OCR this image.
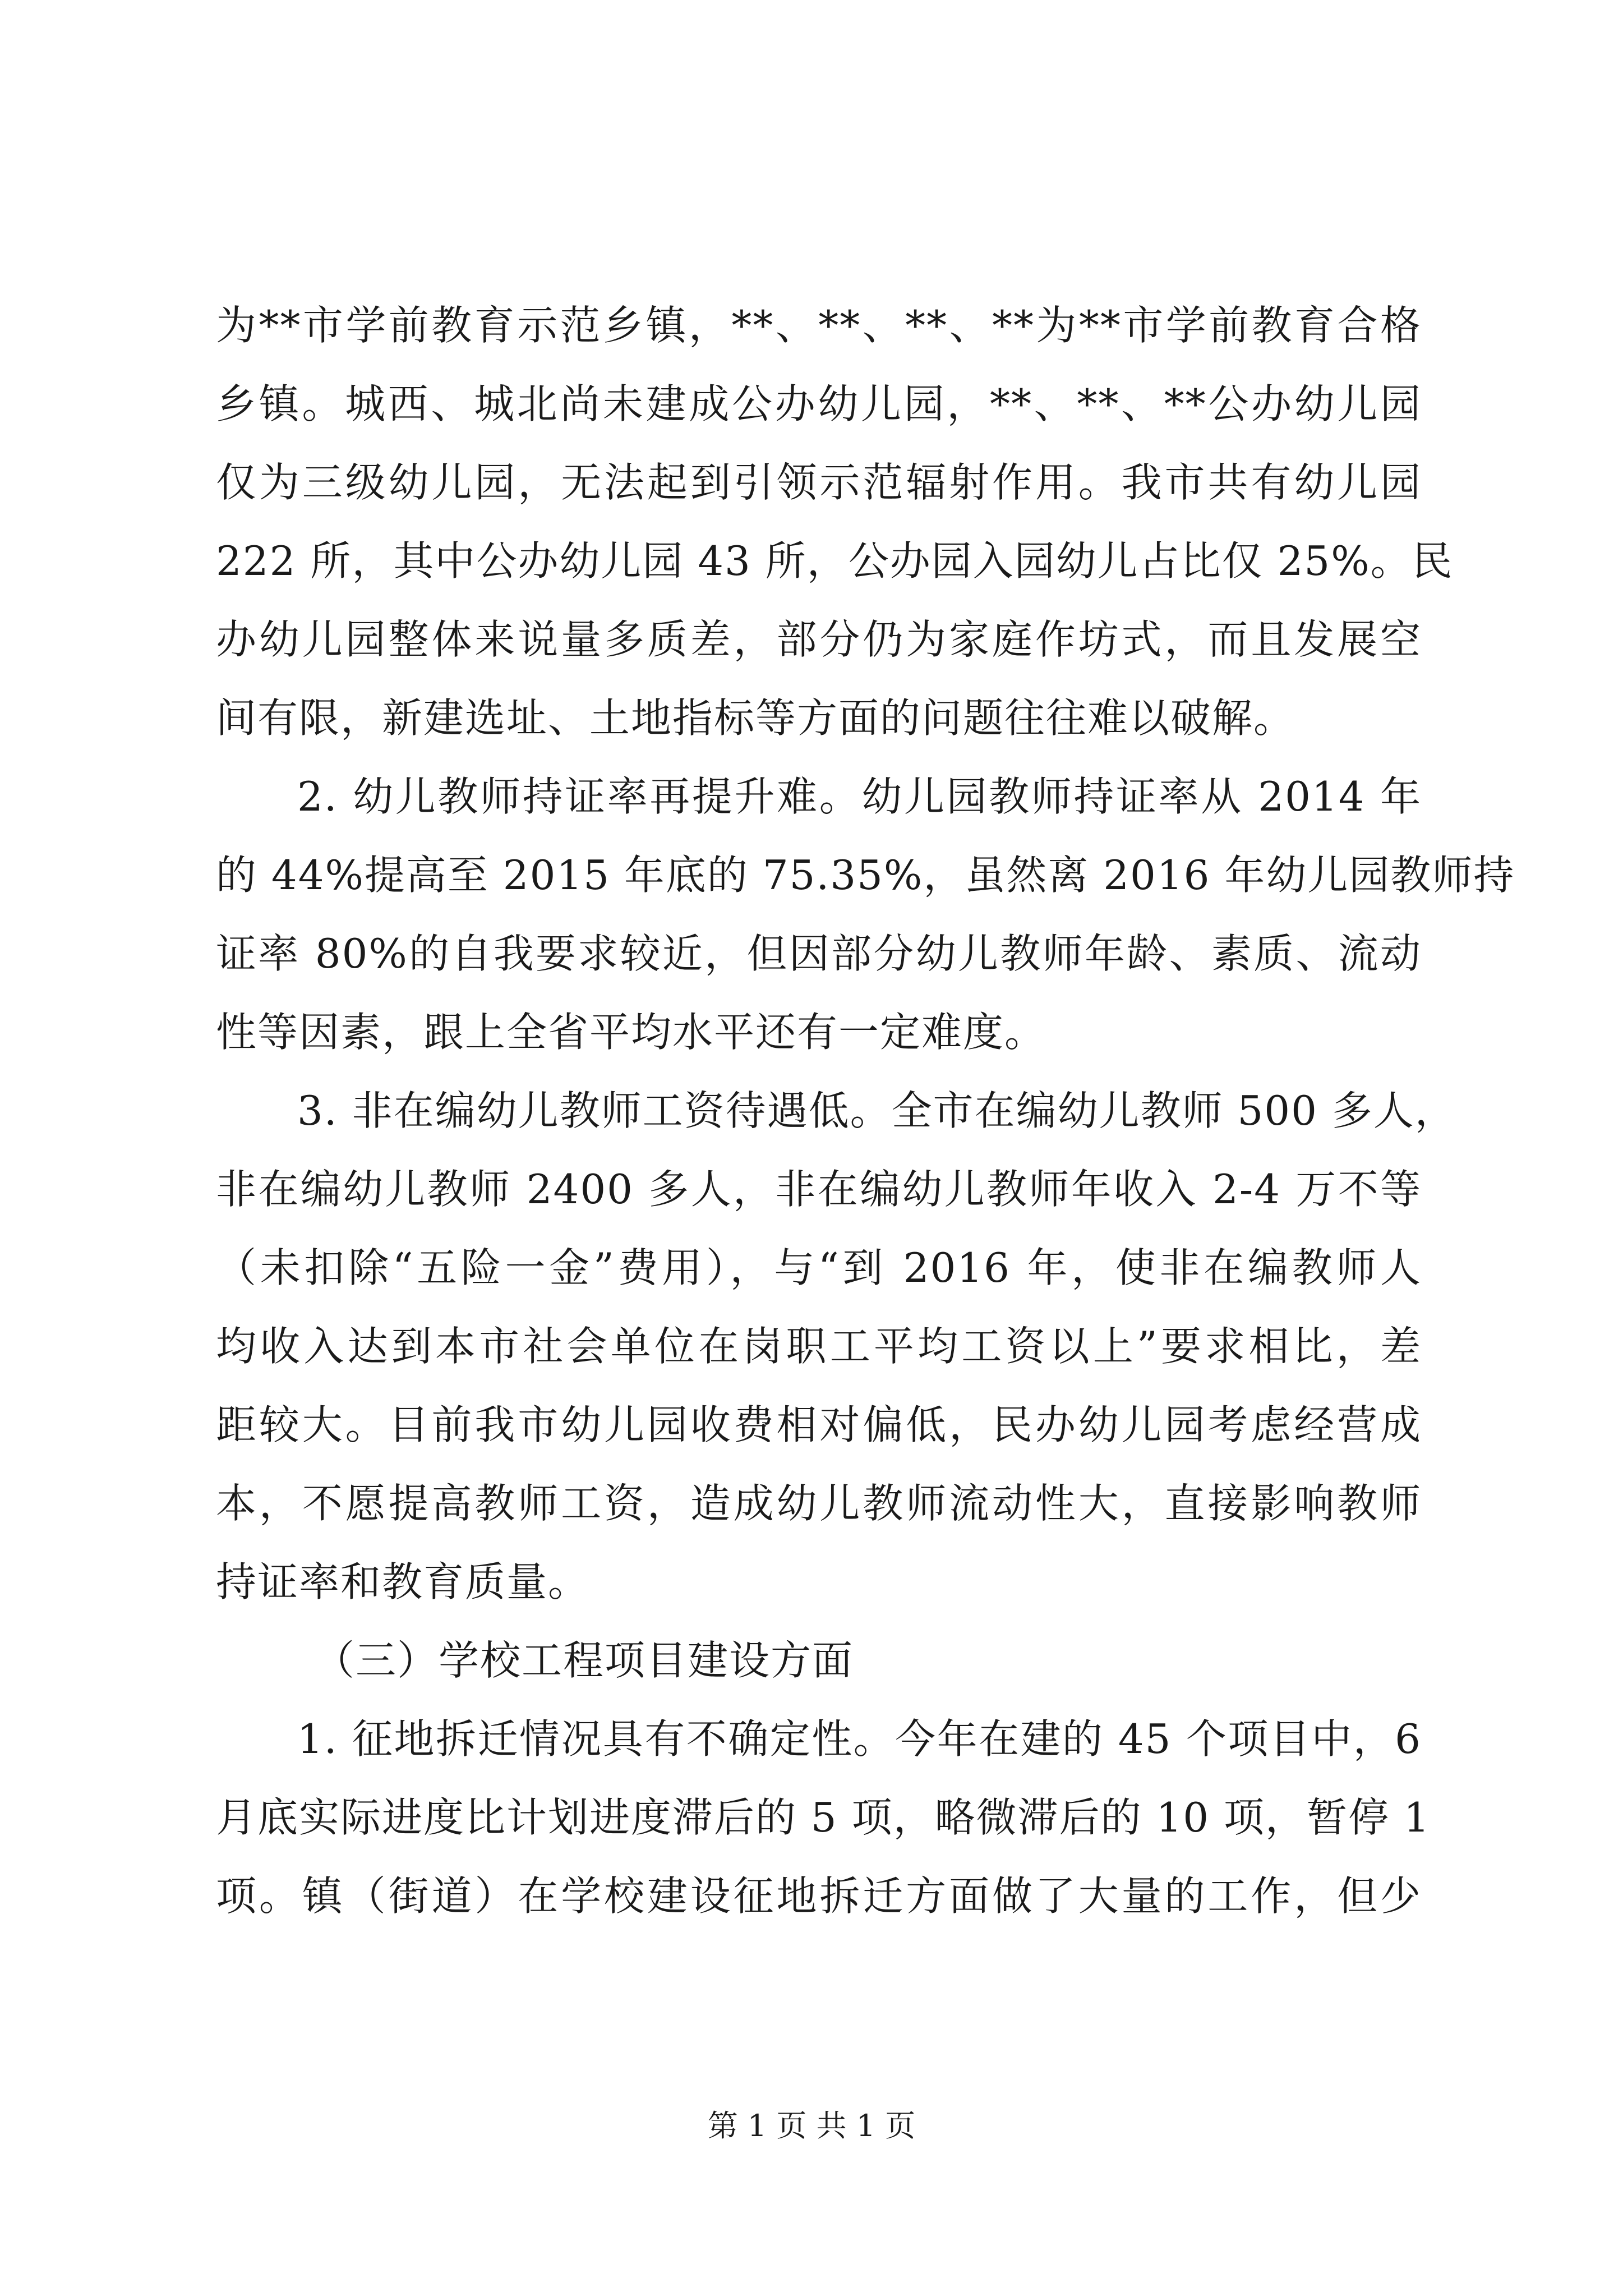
为**市学前教育示范乡镇，**、**、**、**为**市学前教育合格
乡镇。城西、城北尚未建成公办幼儿园，**、**、**公办幼儿园
仅为三级幼儿园，无法起到引领示范辐射作用。我市共有幼儿园
222 所，其中公办幼儿园 43 所，公办园入园幼儿占比仅 25%。民
办幼儿园整体来说量多质差，部分仍为家庭作坊式，而且发展空
间有限，新建选址、土地指标等方面的问题往往难以破解。
2. 幼儿教师持证率再提升难。幼儿园教师持证率从 2014 年
的 44%提高至 2015 年底的 75.35%，虽然离 2016 年幼儿园教师持
证率 80%的自我要求较近，但因部分幼儿教师年龄、素质、流动
性等因素，跟上全省平均水平还有一定难度。
3. 非在编幼儿教师工资待遇低。全市在编幼儿教师 500 多人，
非在编幼儿教师 2400 多人，非在编幼儿教师年收入 2-4 万不等
（未扣除“五险一金”费用），与“到 2016 年，使非在编教师人
均收入达到本市社会单位在岗职工平均工资以上”要求相比，差
距较大。目前我市幼儿园收费相对偏低，民办幼儿园考虑经营成
本，不愿提高教师工资，造成幼儿教师流动性大，直接影响教师
持证率和教育质量。
（三）学校工程项目建设方面
1. 征地拆迁情况具有不确定性。今年在建的 45 个项目中，6
月底实际进度比计划进度滞后的 5 项，略微滞后的 10 项，暂停 1
项。镇（街道）在学校建设征地拆迁方面做了大量的工作，但少
第 1 页 共 1 页
